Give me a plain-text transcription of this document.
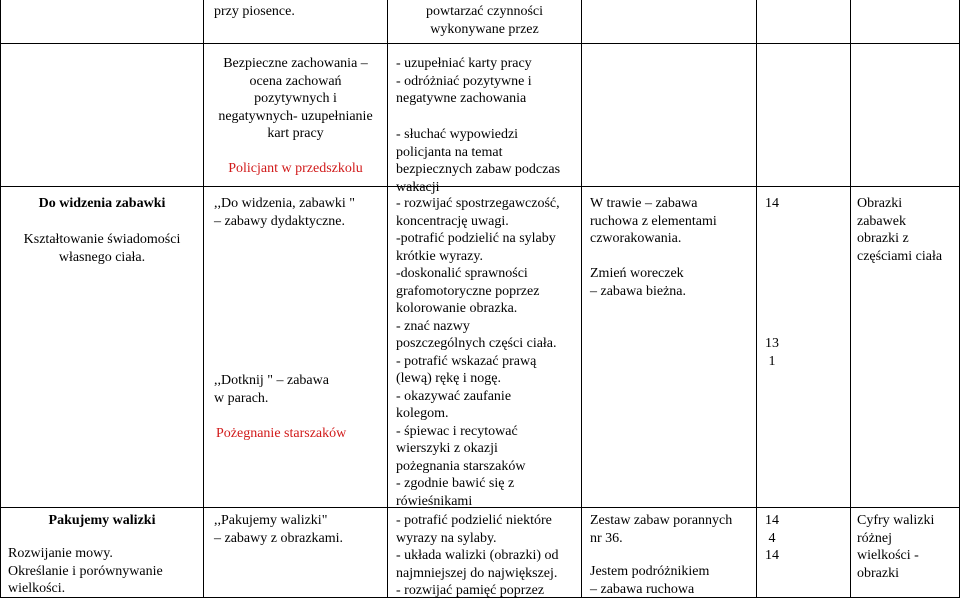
przy piosence.	powtarzać czynności
wykonywane przez
Bezpieczne zachowania –
ocena zachowań
pozytywnych i
negatywnych- uzupełnianie
kart pracy
Policjant w przedszkolu
- uzupełniać karty pracy
- odróżniać pozytywne i
negatywne zachowania
- słuchać wypowiedzi
policjanta na temat
bezpiecznych zabaw podczas
wakacji
Do widzenia zabawki
Kształtowanie świadomości
własnego ciała.
,,Do widzenia, zabawki "
– zabawy dydaktyczne.
,,Dotknij " – zabawa
w parach.
Pożegnanie starszaków
- rozwijać spostrzegawczość,
koncentrację uwagi.
-potrafić podzielić na sylaby
krótkie wyrazy.
-doskonalić sprawności
grafomotoryczne poprzez
kolorowanie obrazka.
- znać nazwy
poszczególnych części ciała.
- potrafić wskazać prawą
(lewą) rękę i nogę.
- okazywać zaufanie
kolegom.
- śpiewac i recytować
wierszyki z okazji
pożegnania starszaków
- zgodnie bawić się z
rówieśnikami
W trawie – zabawa
ruchowa z elementami
czworakowania.
Zmień woreczek
– zabawa bieżna.
14
13
1
Obrazki
zabawek
obrazki z
częściami ciała
Pakujemy walizki
Rozwijanie mowy.
Określanie i porównywanie
wielkości.
,,Pakujemy walizki"
– zabawy z obrazkami.
- potrafić podzielić niektóre
wyrazy na sylaby.
- układa walizki (obrazki) od
najmniejszej do największej.
- rozwijać pamięć poprzez
Zestaw zabaw porannych
nr 36.
Jestem podróżnikiem
– zabawa ruchowa
14
4
14
Cyfry walizki
różnej
wielkości -
obrazki
